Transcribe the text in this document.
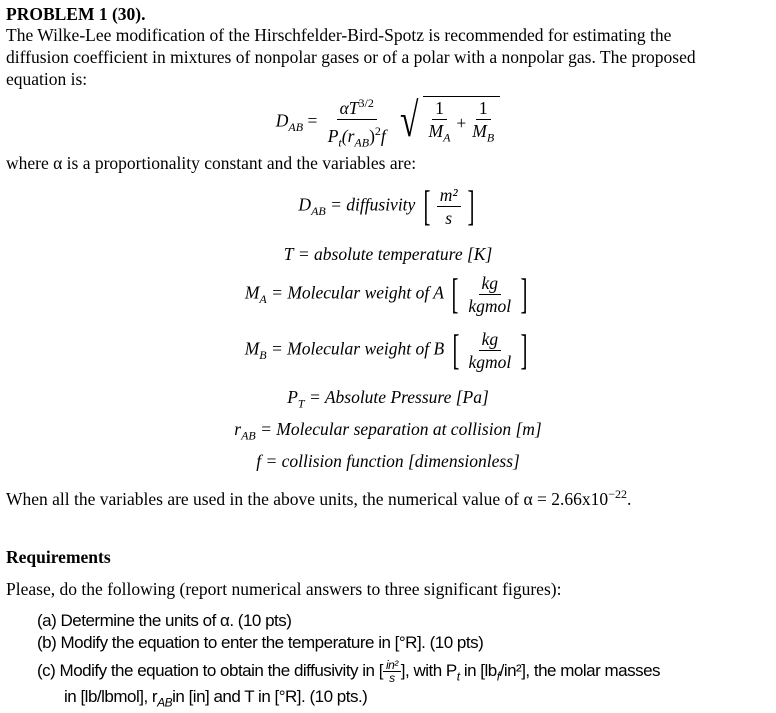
PROBLEM 1 (30).
The Wilke-Lee modification of the Hirschfelder-Bird-Spotz is recommended for estimating the
diffusion coefficient in mixtures of nonpolar gases or of a polar with a nonpolar gas. The proposed
equation is:
$D_{AB} = \frac{\alpha T^{3/2}}{P_t(r_{AB})^2f}$
√ $\frac{1}{M_A} + \frac{1}{M_B}$
where α is a proportionality constant and the variables are:
$D_{AB}$ = diffusivity [ $\frac{\text{m²}}{s}$ ]
T = absolute temperature [K]
$M_A$ = Molecular weight of A [ $\frac{kg}{\text{kgmol}}$ ]
$M_B$ = Molecular weight of B [ $\frac{kg}{\text{kgmol}}$ ]
$P_T$ = Absolute Pressure [Pa]
$r_{AB}$ = Molecular separation at collision [m]
f = collision function [dimensionless]
When all the variables are used in the above units, the numerical value of $\alpha = 2.66x10^{-22}$.
Requirements
Please, do the following (report numerical answers to three significant figures):
(a) Determine the units of α. (10 pts)
(b) Modify the equation to enter the temperature in [°R]. (10 pts)
(c) Modify the equation to obtain the diffusivity in [ $\frac{\text{in²}}{s}$ ], with $P_t$ in $[lb_f/in^2]$, the molar masses
in [lb/lbmol], $r_{AB}in$ [in] and T in [°R]. (10 pts.)
